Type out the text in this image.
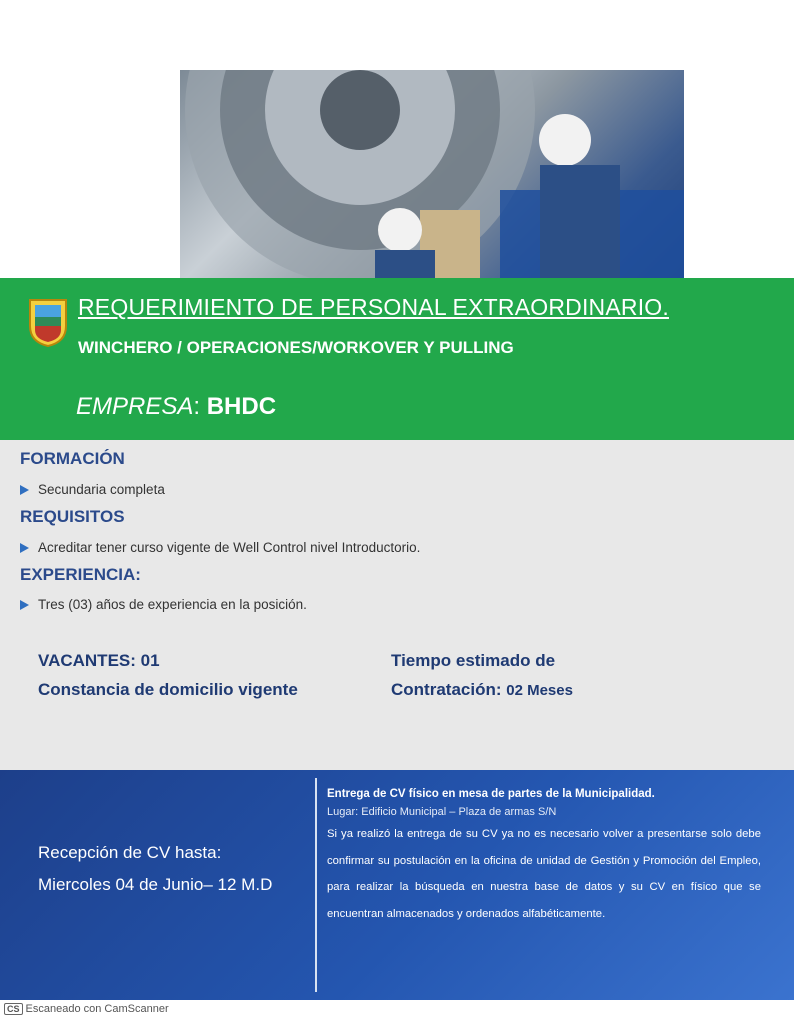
REQUERIMIENTO DE PERSONAL EXTRAORDINARIO.
WINCHERO / OPERACIONES/WORKOVER Y PULLING
EMPRESA: BHDC
FORMACIÓN
Secundaria completa
REQUISITOS
Acreditar tener curso vigente de Well Control nivel Introductorio.
EXPERIENCIA:
Tres (03) años de experiencia en la posición.
VACANTES: 01
Constancia de domicilio vigente
Tiempo estimado de
Contratación: 02 Meses
Recepción de CV hasta:
Miercoles 04 de Junio– 12 M.D
Entrega de CV físico en mesa de partes de la Municipalidad.
Lugar: Edificio Municipal – Plaza de armas S/N
Si ya realizó la entrega de su CV ya no es necesario volver a presentarse solo debe confirmar su postulación en la oficina de unidad de Gestión y Promoción del Empleo, para realizar la búsqueda en nuestra base de datos y su CV en físico que se encuentran almacenados y ordenados alfabéticamente.
CS Escaneado con CamScanner
